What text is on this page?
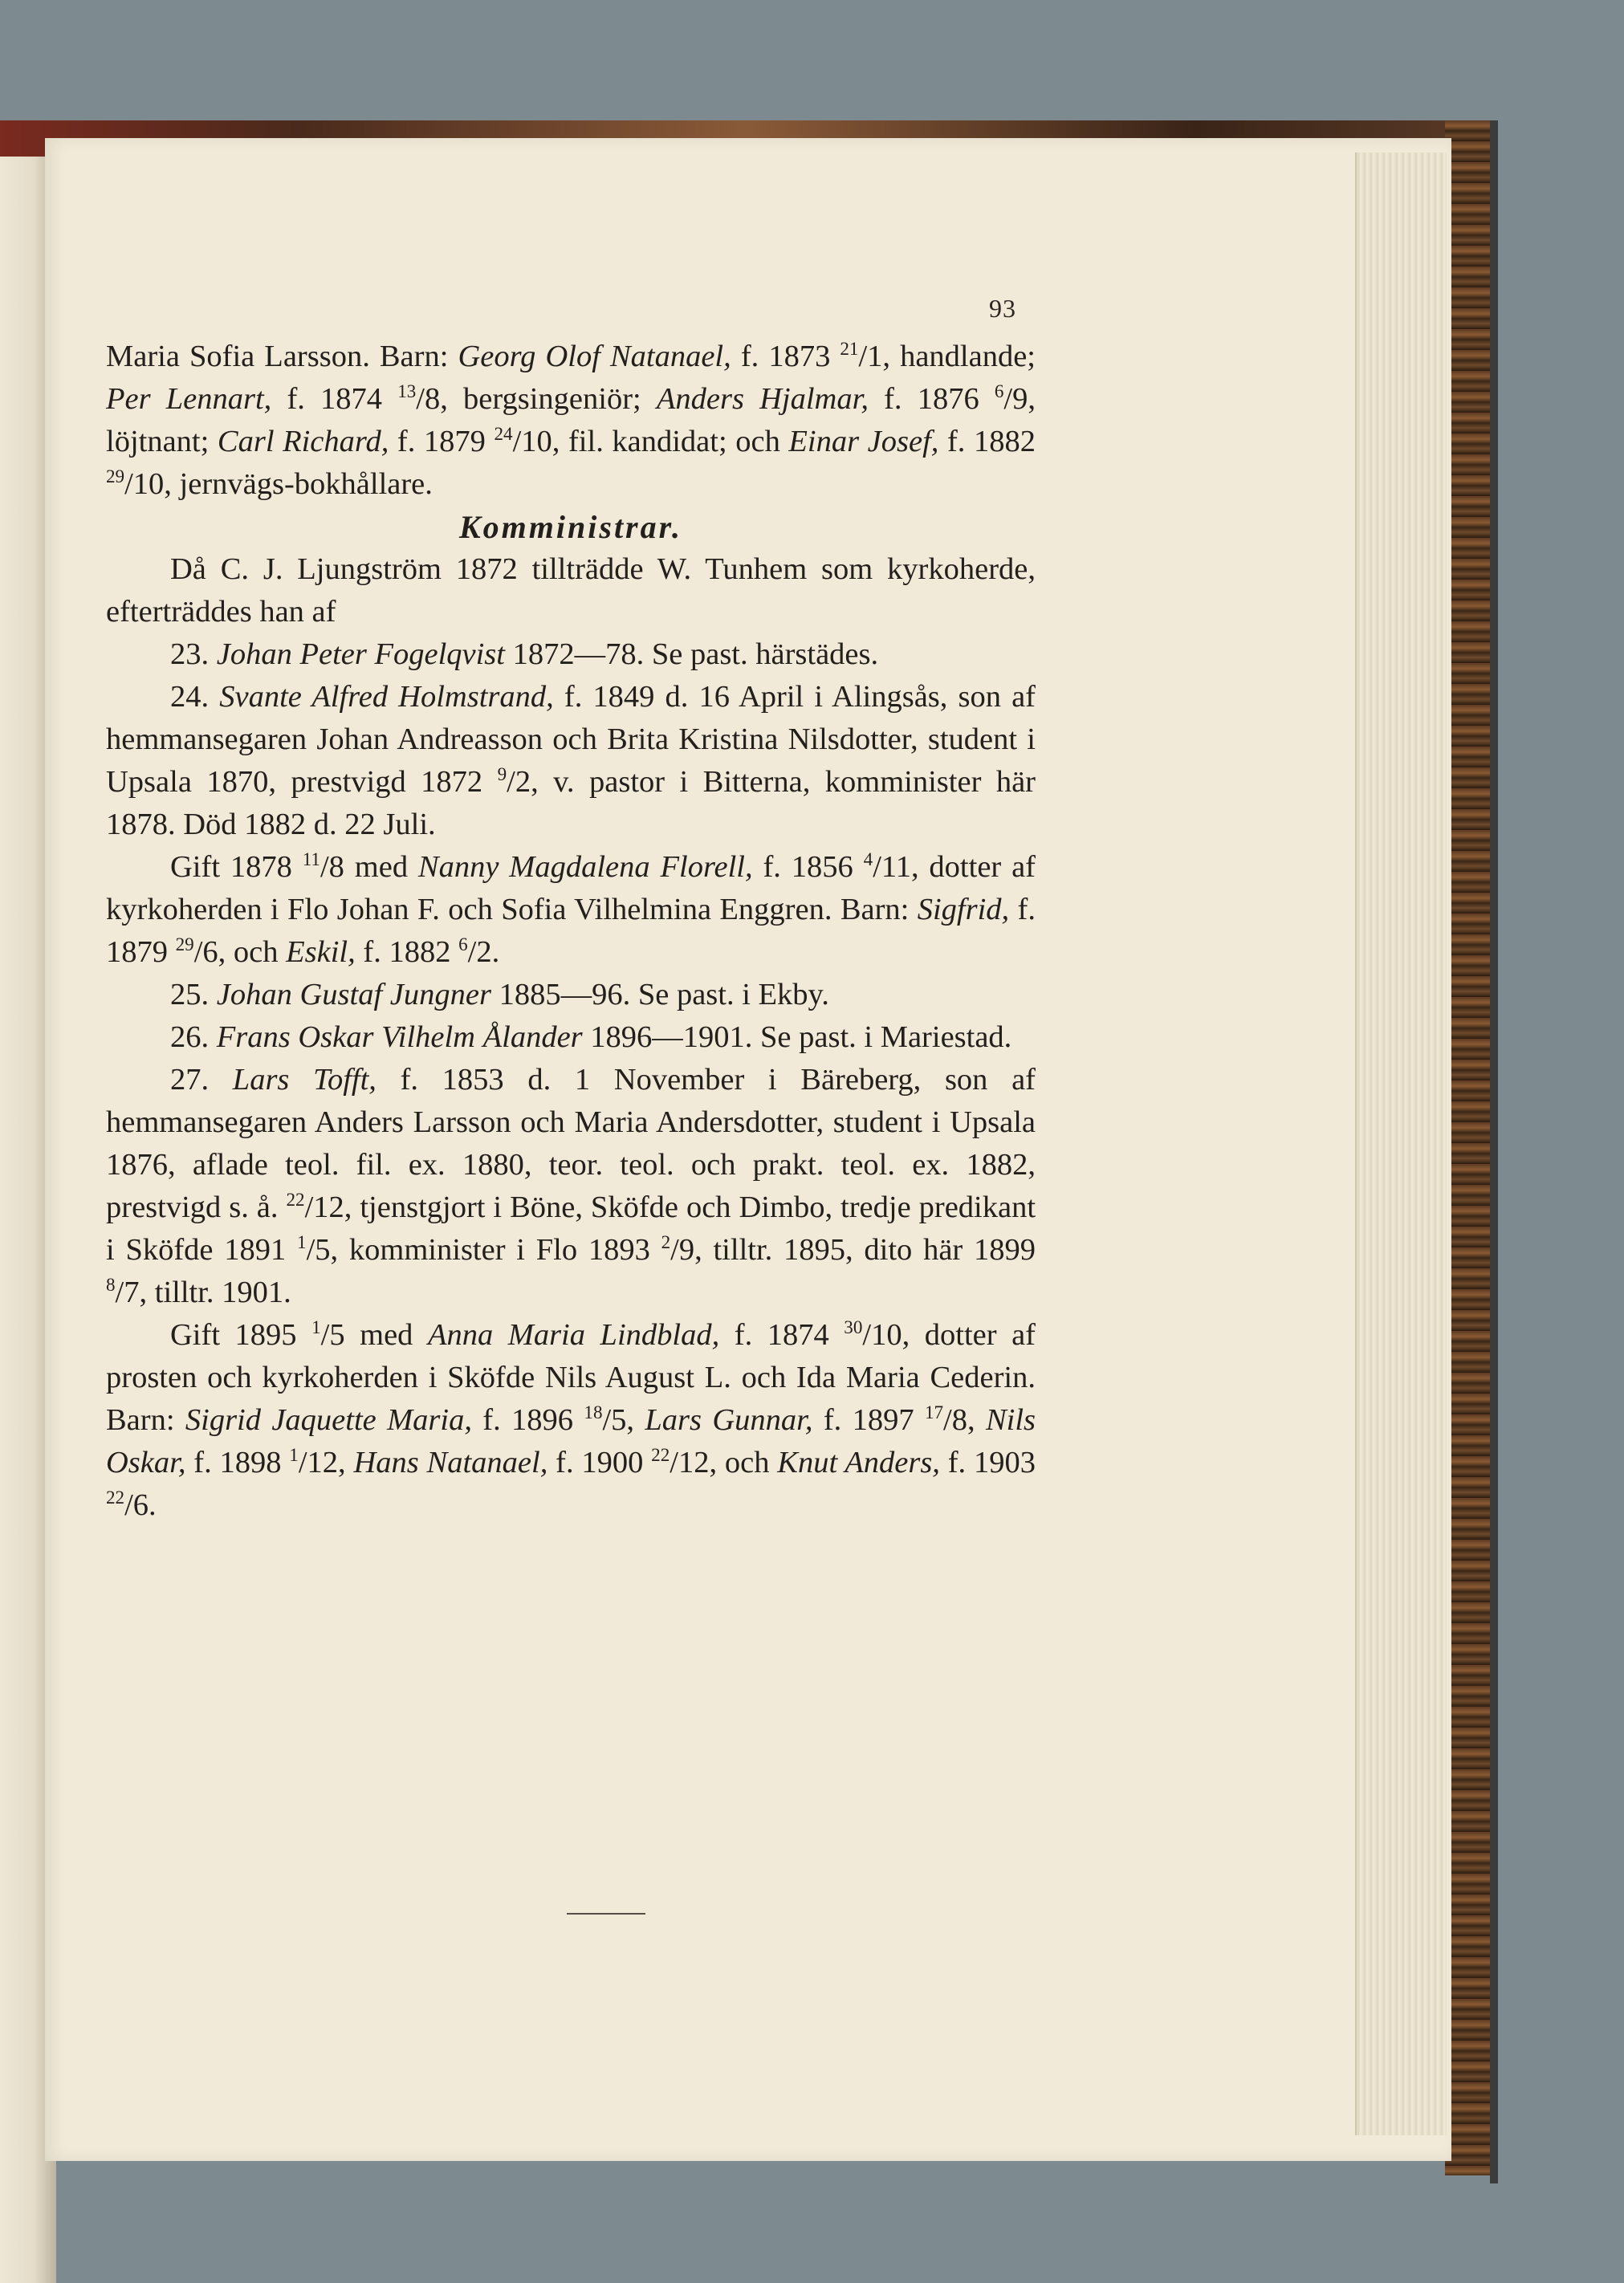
93

Maria Sofia Larsson. Barn: Georg Olof Natanael, f. 1873 $^{21}$/1, handlande; Per Lennart, f. 1874 $^{13}$/8, bergsingeniör; Anders Hjalmar, f. 1876 $^6$/9, löjtnant; Carl Richard, f. 1879 $^{24}$/10, fil. kandidat; och Einar Josef, f. 1882 $^{29}$/10, jernvägs-bokhållare.

Komministrar.

Då C. J. Ljungström 1872 tillträdde W. Tunhem som kyrkoherde, efterträddes han af

23. Johan Peter Fogelqvist 1872—78. Se past. härstädes.

24. Svante Alfred Holmstrand, f. 1849 d. 16 April i Alingsås, son af hemmansegaren Johan Andreasson och Brita Kristina Nilsdotter, student i Upsala 1870, prestvigd 1872 $^9$/2, v. pastor i Bitterna, komminister här 1878. Död 1882 d. 22 Juli.

Gift 1878 $^{11}$/8 med Nanny Magdalena Florell, f. 1856 $^4$/11, dotter af kyrkoherden i Flo Johan F. och Sofia Vilhelmina Enggren. Barn: Sigfrid, f. 1879 $^{29}$/6, och Eskil, f. 1882 $^6$/2.

25. Johan Gustaf Jungner 1885—96. Se past. i Ekby.

26. Frans Oskar Vilhelm Ålander 1896—1901. Se past. i Mariestad.

27. Lars Tofft, f. 1853 d. 1 November i Bäreberg, son af hemmansegaren Anders Larsson och Maria Andersdotter, student i Upsala 1876, aflade teol. fil. ex. 1880, teor. teol. och prakt. teol. ex. 1882, prestvigd s. å. $^{22}$/12, tjenstgjort i Böne, Sköfde och Dimbo, tredje predikant i Sköfde 1891 $^1$/5, komminister i Flo 1893 $^2$/9, tilltr. 1895, dito här 1899 $^8$/7, tilltr. 1901.

Gift 1895 $^1$/5 med Anna Maria Lindblad, f. 1874 $^{30}$/10, dotter af prosten och kyrkoherden i Sköfde Nils August L. och Ida Maria Cederin. Barn: Sigrid Jaquette Maria, f. 1896 $^{18}$/5, Lars Gunnar, f. 1897 $^{17}$/8, Nils Oskar, f. 1898 $^1$/12, Hans Natanael, f. 1900 $^{22}$/12, och Knut Anders, f. 1903 $^{22}$/6.
